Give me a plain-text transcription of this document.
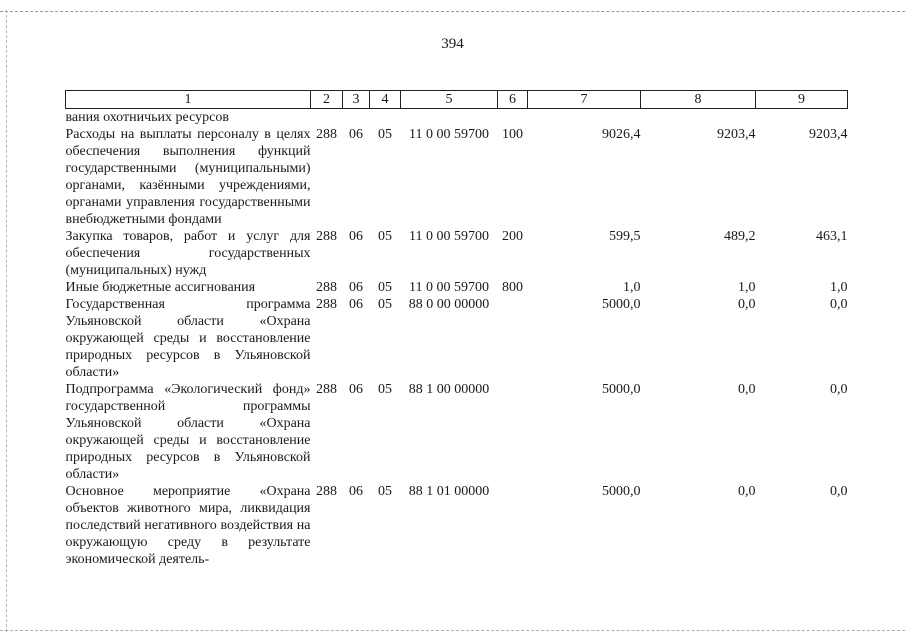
394
1	2	3	4	5	6	7	8	9
вания охотничьих ресурсов								
Расходы на выплаты персоналу в целях обеспечения выполнения функций государственными (муниципальными) органами, казёнными учреждениями, органами управления государственными внебюджетными фондами	288	06	05	11 0 00 59700	100	9026,4	9203,4	9203,4
Закупка товаров, работ и услуг для обеспечения государственных (муниципальных) нужд	288	06	05	11 0 00 59700	200	599,5	489,2	463,1
Иные бюджетные ассигнования	288	06	05	11 0 00 59700	800	1,0	1,0	1,0
Государственная программа Ульяновской области «Охрана окружающей среды и восстановление природных ресурсов в Ульяновской области»	288	06	05	88 0 00 00000		5000,0	0,0	0,0
Подпрограмма «Экологический фонд» государственной программы Ульяновской области «Охрана окружающей среды и восстановление природных ресурсов в Ульяновской области»	288	06	05	88 1 00 00000		5000,0	0,0	0,0
Основное мероприятие «Охрана объектов животного мира, ликвидация последствий негативного воздействия на окружающую среду в результате экономической деятель-	288	06	05	88 1 01 00000		5000,0	0,0	0,0
